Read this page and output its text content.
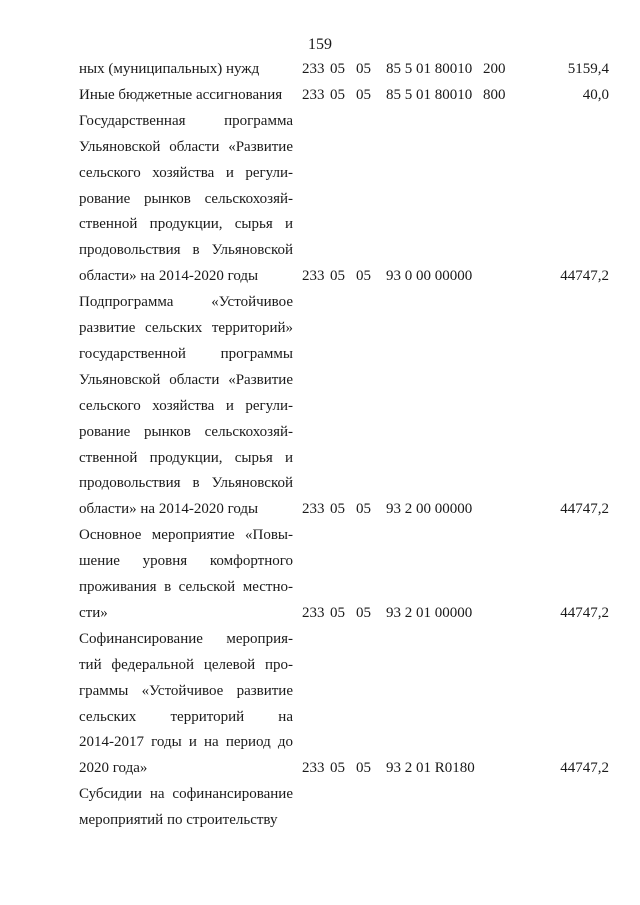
159
ных (муниципальных) нужд	233 05 05 85 5 01 80010 200	5159,4
Иные бюджетные ассигнования	233 05 05 85 5 01 80010 800	40,0
Государственная программа
Ульяновской области «Развитие
сельского хозяйства и регули-
рование рынков сельскохозяй-
ственной продукции, сырья и
продовольствия в Ульяновской
области» на 2014-2020 годы	233 05 05 93 0 00 00000	44747,2
Подпрограмма «Устойчивое
развитие сельских территорий»
государственной программы
Ульяновской области «Развитие
сельского хозяйства и регули-
рование рынков сельскохозяй-
ственной продукции, сырья и
продовольствия в Ульяновской
области» на 2014-2020 годы	233 05 05 93 2 00 00000	44747,2
Основное мероприятие «Повы-
шение уровня комфортного
проживания в сельской местно-
сти»	233 05 05 93 2 01 00000	44747,2
Софинансирование мероприя-
тий федеральной целевой про-
граммы «Устойчивое развитие
сельских территорий на
2014-2017 годы и на период до
2020 года»	233 05 05 93 2 01 R0180	44747,2
Субсидии на софинансирование
мероприятий по строительству
